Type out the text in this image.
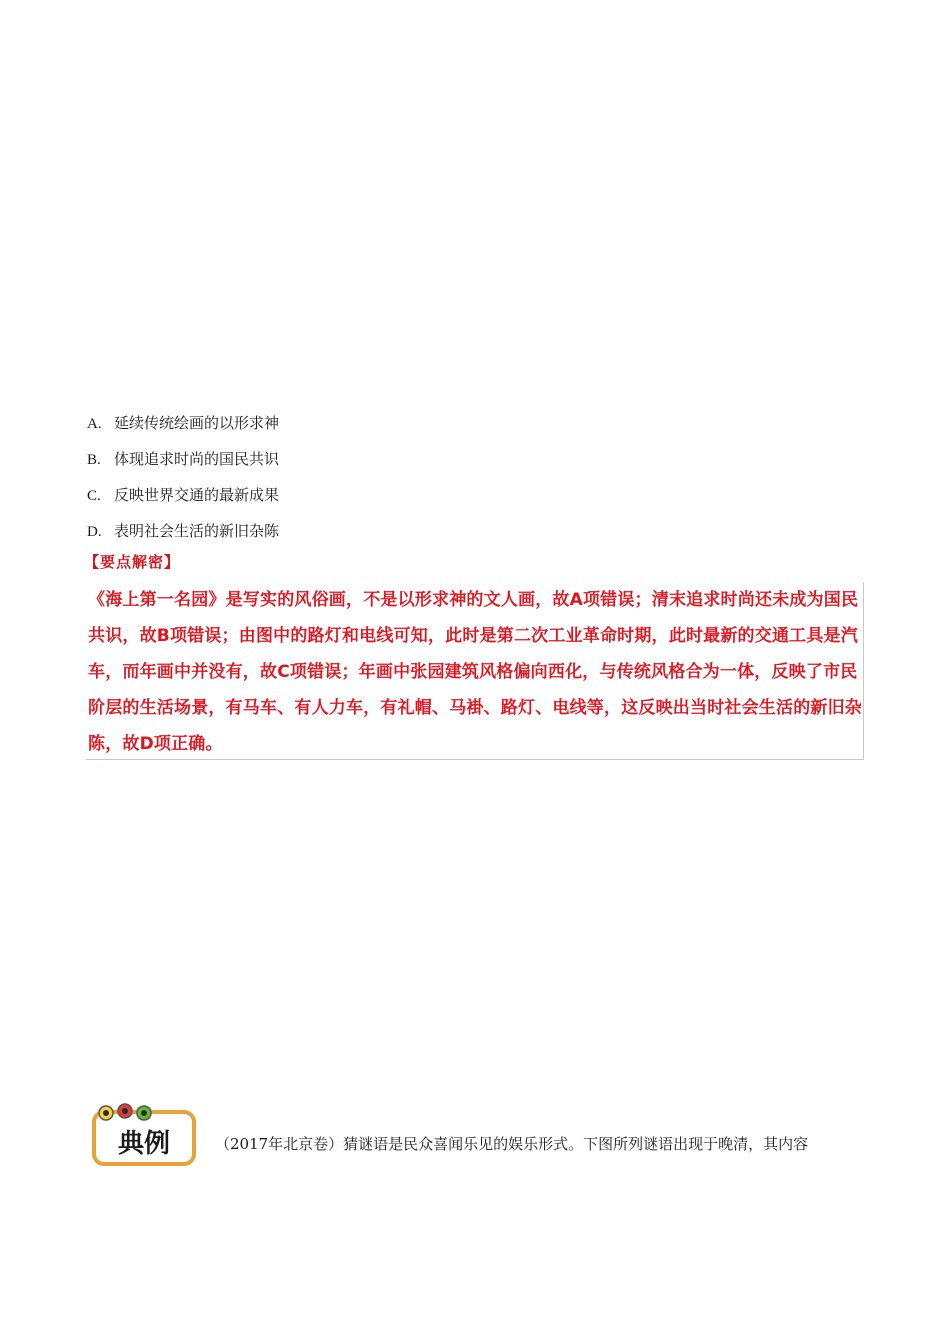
A. 延续传统绘画的以形求神
B. 体现追求时尚的国民共识
C. 反映世界交通的最新成果
D. 表明社会生活的新旧杂陈
【要点解密】
《海上第一名园》是写实的风俗画，不是以形求神的文人画，故A项错误；清末追求时尚还未成为国民共识，故B项错误；由图中的路灯和电线可知，此时是第二次工业革命时期，此时最新的交通工具是汽车，而年画中并没有，故C项错误；年画中张园建筑风格偏向西化，与传统风格合为一体，反映了市民阶层的生活场景，有马车、有人力车，有礼帽、马褂、路灯、电线等，这反映出当时社会生活的新旧杂陈，故D项正确。
典例	（2017年北京卷）猜谜语是民众喜闻乐见的娱乐形式。下图所列谜语出现于晚清，其内容
